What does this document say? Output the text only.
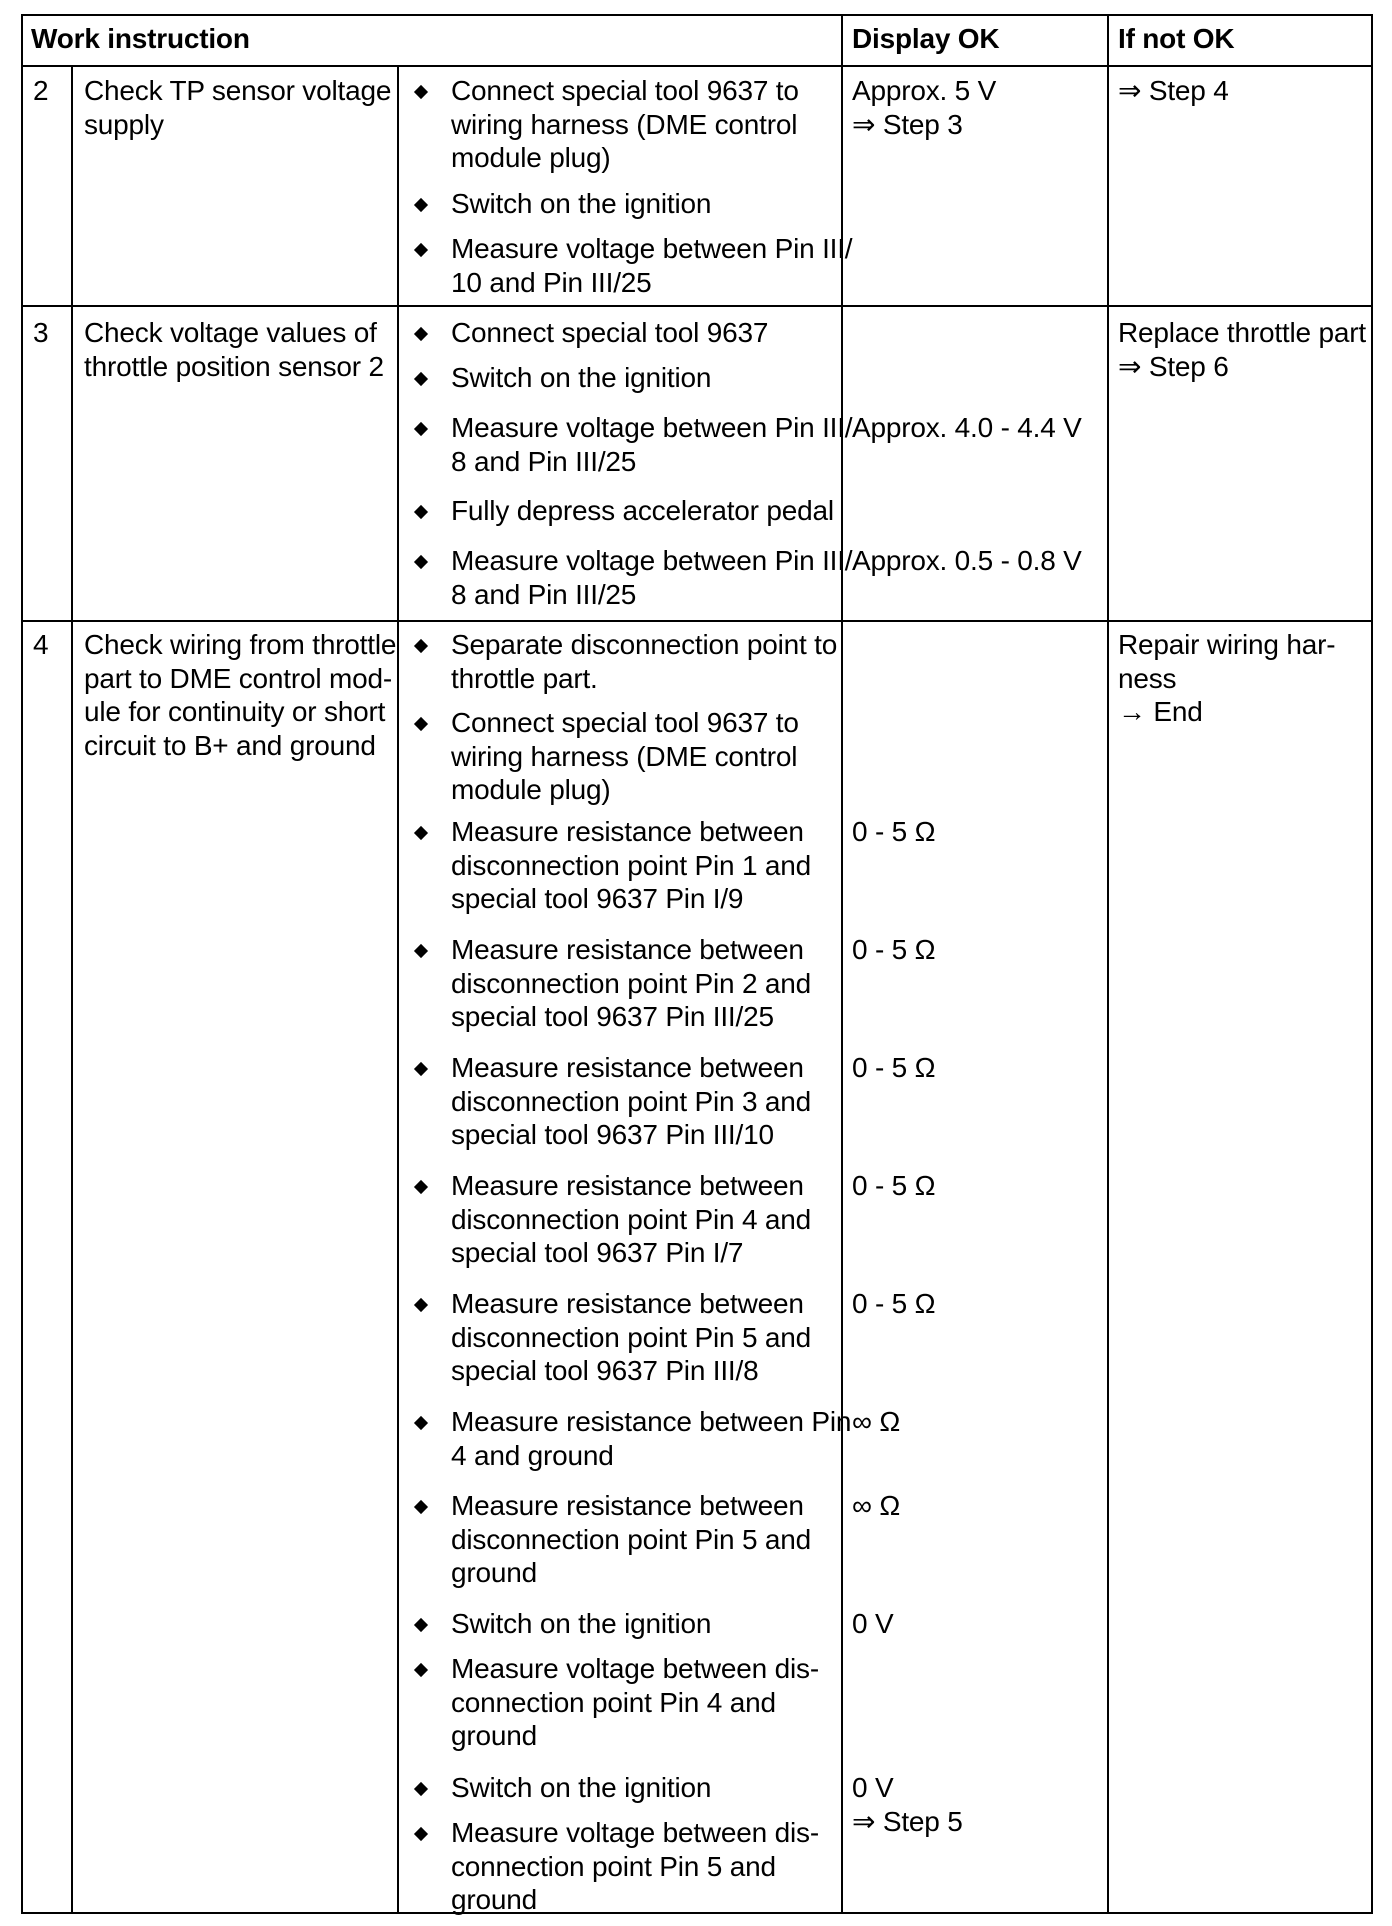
Work instruction	Display OK	If not OK
2 Check TP sensor voltage
supply
Connect special tool 9637 to
wiring harness (DME control
module plug)
Switch on the ignition
Measure voltage between Pin III/
10 and Pin III/25
Approx. 5 V
⇒ Step 3
⇒ Step 4
3 Check voltage values of
throttle position sensor 2
Connect special tool 9637
Switch on the ignition
Measure voltage between Pin III/
8 and Pin III/25
Fully depress accelerator pedal
Measure voltage between Pin III/
8 and Pin III/25
Approx. 4.0 - 4.4 V
Approx. 0.5 - 0.8 V
Replace throttle part
⇒ Step 6
4 Check wiring from throttle
part to DME control mod-
ule for continuity or short
circuit to B+ and ground
Separate disconnection point to
throttle part.
Connect special tool 9637 to
wiring harness (DME control
module plug)
Measure resistance between
disconnection point Pin 1 and
special tool 9637 Pin I/9
Measure resistance between
disconnection point Pin 2 and
special tool 9637 Pin III/25
Measure resistance between
disconnection point Pin 3 and
special tool 9637 Pin III/10
Measure resistance between
disconnection point Pin 4 and
special tool 9637 Pin I/7
Measure resistance between
disconnection point Pin 5 and
special tool 9637 Pin III/8
Measure resistance between Pin
4 and ground
Measure resistance between
disconnection point Pin 5 and
ground
Switch on the ignition
Measure voltage between dis-
connection point Pin 4 and
ground
Switch on the ignition
Measure voltage between dis-
connection point Pin 5 and
ground
0 - 5 Ω
0 - 5 Ω
0 - 5 Ω
0 - 5 Ω
0 - 5 Ω
∞ Ω
∞ Ω
0 V
0 V
⇒ Step 5
Repair wiring har-
ness
→ End
